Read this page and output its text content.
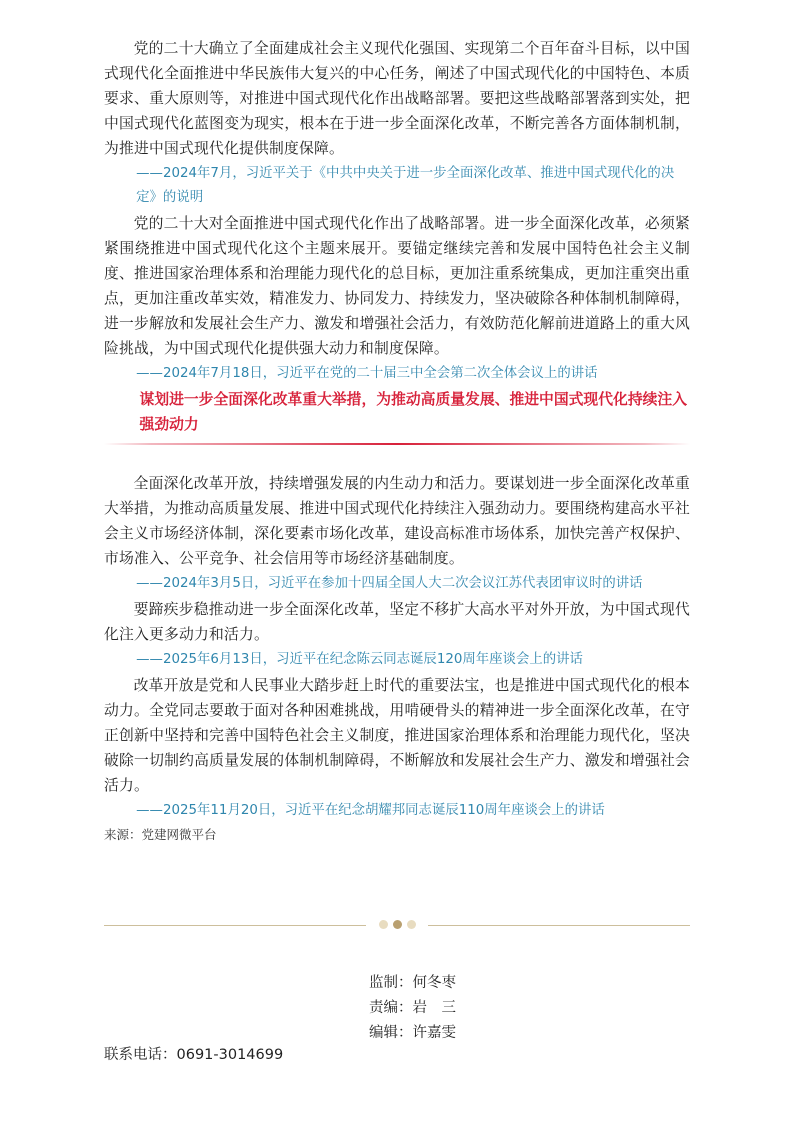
党的二十大确立了全面建成社会主义现代化强国、实现第二个百年奋斗目标，以中国式现代化全面推进中华民族伟大复兴的中心任务，阐述了中国式现代化的中国特色、本质要求、重大原则等，对推进中国式现代化作出战略部署。要把这些战略部署落到实处，把中国式现代化蓝图变为现实，根本在于进一步全面深化改革，不断完善各方面体制机制，为推进中国式现代化提供制度保障。

——2024年7月，习近平关于《中共中央关于进一步全面深化改革、推进中国式现代化的决定》的说明

党的二十大对全面推进中国式现代化作出了战略部署。进一步全面深化改革，必须紧紧围绕推进中国式现代化这个主题来展开。要锚定继续完善和发展中国特色社会主义制度、推进国家治理体系和治理能力现代化的总目标，更加注重系统集成，更加注重突出重点，更加注重改革实效，精准发力、协同发力、持续发力，坚决破除各种体制机制障碍，进一步解放和发展社会生产力、激发和增强社会活力，有效防范化解前进道路上的重大风险挑战，为中国式现代化提供强大动力和制度保障。

——2024年7月18日，习近平在党的二十届三中全会第二次全体会议上的讲话

谋划进一步全面深化改革重大举措，为推动高质量发展、推进中国式现代化持续注入强劲动力

全面深化改革开放，持续增强发展的内生动力和活力。要谋划进一步全面深化改革重大举措，为推动高质量发展、推进中国式现代化持续注入强劲动力。要围绕构建高水平社会主义市场经济体制，深化要素市场化改革，建设高标准市场体系，加快完善产权保护、市场准入、公平竞争、社会信用等市场经济基础制度。

——2024年3月5日，习近平在参加十四届全国人大二次会议江苏代表团审议时的讲话

要蹄疾步稳推动进一步全面深化改革，坚定不移扩大高水平对外开放，为中国式现代化注入更多动力和活力。

——2025年6月13日，习近平在纪念陈云同志诞辰120周年座谈会上的讲话

改革开放是党和人民事业大踏步赶上时代的重要法宝，也是推进中国式现代化的根本动力。全党同志要敢于面对各种困难挑战，用啃硬骨头的精神进一步全面深化改革，在守正创新中坚持和完善中国特色社会主义制度，推进国家治理体系和治理能力现代化，坚决破除一切制约高质量发展的体制机制障碍，不断解放和发展社会生产力、激发和增强社会活力。

——2025年11月20日，习近平在纪念胡耀邦同志诞辰110周年座谈会上的讲话

来源：党建网微平台
监制：何冬枣
责编：岩　三
编辑：许嘉雯
联系电话：0691-3014699
